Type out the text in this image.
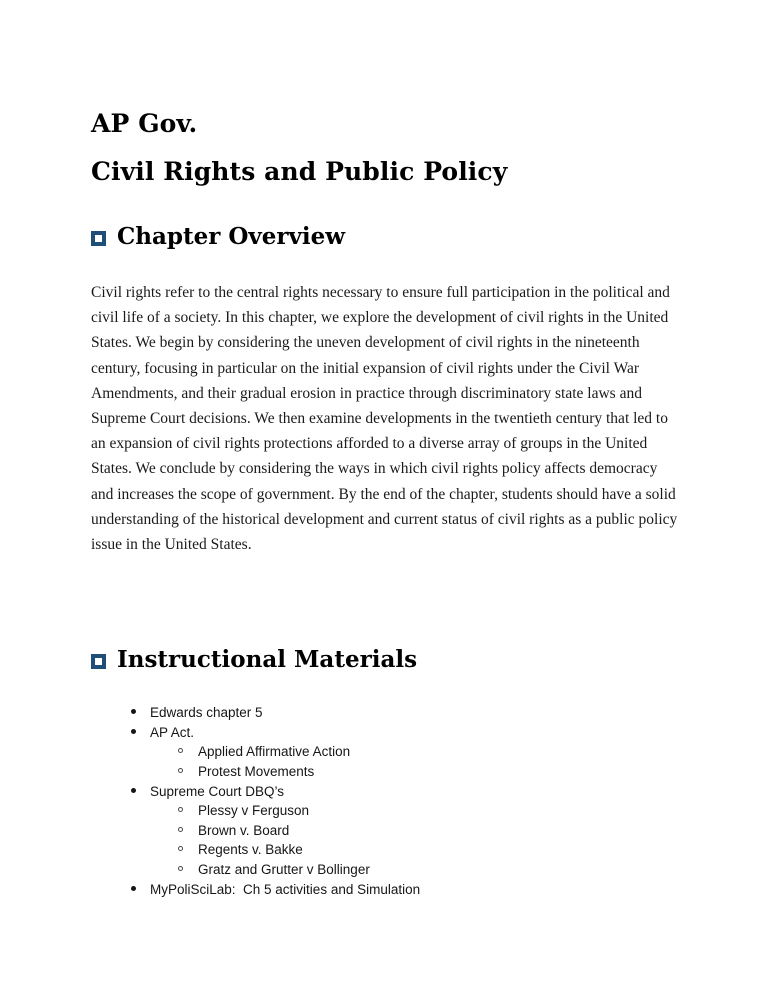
AP Gov.
Civil Rights and Public Policy
Chapter Overview

Civil rights refer to the central rights necessary to ensure full participation in the political and civil life of a society. In this chapter, we explore the development of civil rights in the United States. We begin by considering the uneven development of civil rights in the nineteenth century, focusing in particular on the initial expansion of civil rights under the Civil War Amendments, and their gradual erosion in practice through discriminatory state laws and Supreme Court decisions. We then examine developments in the twentieth century that led to an expansion of civil rights protections afforded to a diverse array of groups in the United States. We conclude by considering the ways in which civil rights policy affects democracy and increases the scope of government. By the end of the chapter, students should have a solid understanding of the historical development and current status of civil rights as a public policy issue in the United States.

Instructional Materials
Edwards chapter 5
AP Act.
Applied Affirmative Action
Protest Movements
Supreme Court DBQ’s
Plessy v Ferguson
Brown v. Board
Regents v. Bakke
Gratz and Grutter v Bollinger
MyPoliSciLab:  Ch 5 activities and Simulation
